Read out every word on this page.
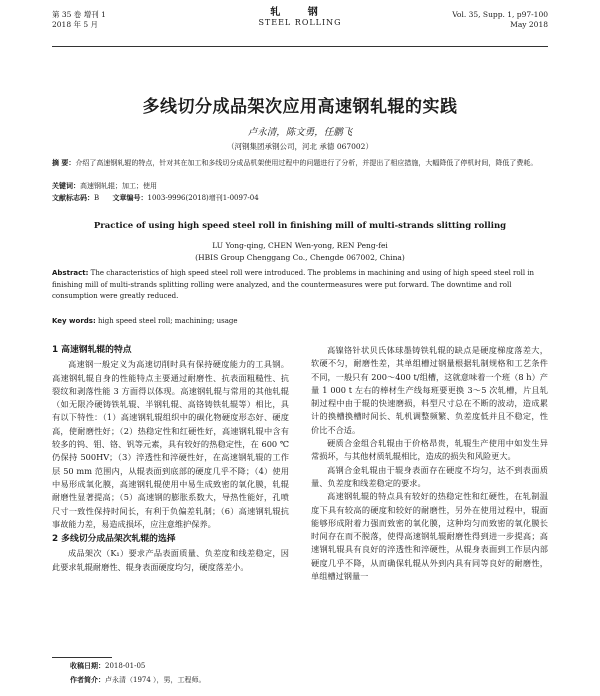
第 35 卷 增刊 1
2018 年 5 月
轧 钢
STEEL ROLLING
Vol. 35, Supp. 1, p97-100
May 2018
多线切分成品架次应用高速钢轧辊的实践
卢永清，陈文勇，任鹏飞
（河钢集团承钢公司，河北 承德 067002）
摘 要：介绍了高速钢轧辊的特点，针对其在加工和多线切分成品机架使用过程中的问题进行了分析，并提出了相应措施，大幅降低了停机时间，降低了费耗。
关键词：高速钢轧辊；加工；使用
文献标志码：B 文章编号：1003-9996(2018)增刊1-0097-04
Practice of using high speed steel roll in finishing mill of multi-strands slitting rolling
LU Yong-qing, CHEN Wen-yong, REN Peng-fei
(HBIS Group Chenggang Co., Chengde 067002, China)
Abstract: The characteristics of high speed steel roll were introduced. The problems in machining and using of high speed steel roll in finishing mill of multi-strands splitting rolling were analyzed, and the countermeasures were put forward. The downtime and roll consumption were greatly reduced.
Key words: high speed steel roll; machining; usage

1 高速钢轧辊的特点

高速钢一般定义为高速切削时具有保持硬度能力的工具钢。高速钢轧辊自身的性能特点主要通过耐磨性、抗表面粗糙性、抗裂纹和剥落性能 3 方面得以体现。高速钢轧辊与常用的其他轧辊（如无限冷硬铸铁轧辊、半钢轧辊、高铬铸铁轧辊等）相比，具有以下特性：（1）高速钢轧辊组织中的碳化物硬度形态好、硬度高，使耐磨性好；（2）热稳定性和红硬性好，高速钢轧辊中含有较多的钨、钼、铬、钒等元素，具有较好的热稳定性，在 600 ℃ 仍保持 500HV；（3）淬透性和淬硬性好，在高速钢轧辊的工作层 50 mm 范围内，从辊表面到底部的硬度几乎不降；（4）使用中易形成氧化膜，高速钢轧辊使用中易生成致密的氧化膜，轧辊耐磨性显著提高；（5）高速钢的膨胀系数大，导热性能好，孔喷尺寸一致性保持时间长，有利于负偏差轧制；（6）高速钢轧辊抗事故能力差，易造成损坏，应注意维护保养。

2 多线切分成品架次轧辊的选择

成品架次（K₁）要求产品表面质量、负差度和线差稳定，因此要求轧辊耐磨性、辊身表面硬度均匀，硬度落差小。

高镍铬针状贝氏体球墨铸铁轧辊的缺点是硬度梯度落差大，软硬不匀，耐磨性差，其单组槽过钢量根据轧制规格和工艺条件不同，一般只有 200～400 t/组槽，这就意味着一个班（8 h）产量 1 000 t 左右的棒材生产线每班要更换 3～5 次轧槽，片且轧制过程中由于辊的快速磨损，料型尺寸总在不断的波动，造成累计的换槽换槽时间长、轧机调整频繁、负差度低并且不稳定，性价比不合适。

硬质合金组合轧辊由于价格昂贵，轧辊生产使用中如发生异常损坏，与其他材质轧辊相比，造成的损失和风险更大。

高钢合金轧辊由于辊身表面存在硬度不均匀，达不到表面质量、负差度和线差稳定的要求。

高速钢轧辊的特点具有较好的热稳定性和红硬性，在轧制温度下具有较高的硬度和较好的耐磨性，另外在使用过程中，辊面能够形成附着力强而致密的氧化膜，这种均匀而致密的氧化膜长时间存在而不脱落，使得高速钢轧辊耐磨性得到进一步提高；高速钢轧辊具有良好的淬透性和淬硬性，从辊身表面到工作层内部硬度几乎不降，从而确保轧辊从外到内具有同等良好的耐磨性，单组槽过钢量一

收稿日期：2018-01-05
作者简介：卢永清（1974 ），男，工程师。
